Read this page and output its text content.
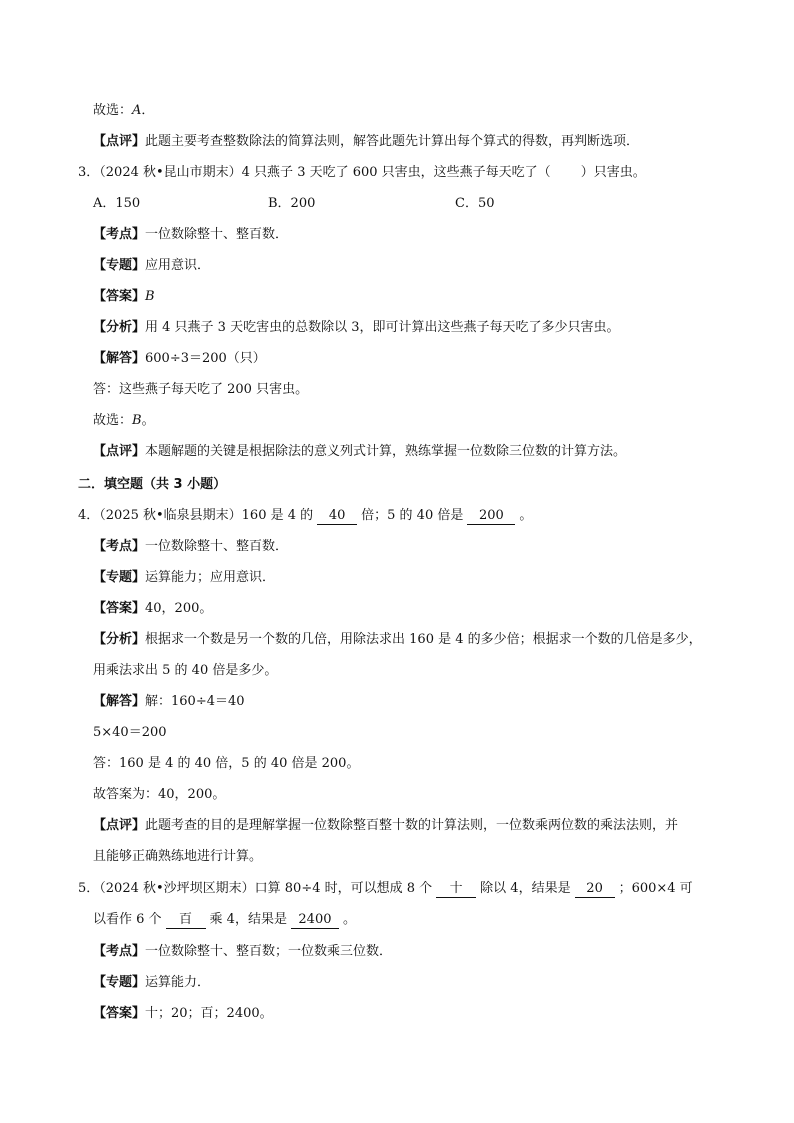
故选：A．
【点评】此题主要考查整数除法的简算法则，解答此题先计算出每个算式的得数，再判断选项．
3．（2024 秋•昆山市期末）4 只燕子 3 天吃了 600 只害虫，这些燕子每天吃了（ ）只害虫。
A．150	B．200	C．50
【考点】一位数除整十、整百数．
【专题】应用意识．
【答案】B
【分析】用 4 只燕子 3 天吃害虫的总数除以 3，即可计算出这些燕子每天吃了多少只害虫。
【解答】600÷3＝200（只）
答：这些燕子每天吃了 200 只害虫。
故选：B。
【点评】本题解题的关键是根据除法的意义列式计算，熟练掌握一位数除三位数的计算方法。
二．填空题（共 3 小题）
4．（2025 秋•临泉县期末）160 是 4 的 40 倍；5 的 40 倍是 200 。
【考点】一位数除整十、整百数．
【专题】运算能力；应用意识．
【答案】40，200。
【分析】根据求一个数是另一个数的几倍，用除法求出 160 是 4 的多少倍；根据求一个数的几倍是多少，
用乘法求出 5 的 40 倍是多少。
【解答】解：160÷4＝40
5×40＝200
答：160 是 4 的 40 倍，5 的 40 倍是 200。
故答案为：40，200。
【点评】此题考查的目的是理解掌握一位数除整百整十数的计算法则，一位数乘两位数的乘法法则，并
且能够正确熟练地进行计算。
5．（2024 秋•沙坪坝区期末）口算 80÷4 时，可以想成 8 个 十 除以 4，结果是 20 ；600×4 可
以看作 6 个 百 乘 4，结果是 2400 。
【考点】一位数除整十、整百数；一位数乘三位数．
【专题】运算能力．
【答案】十；20；百；2400。
